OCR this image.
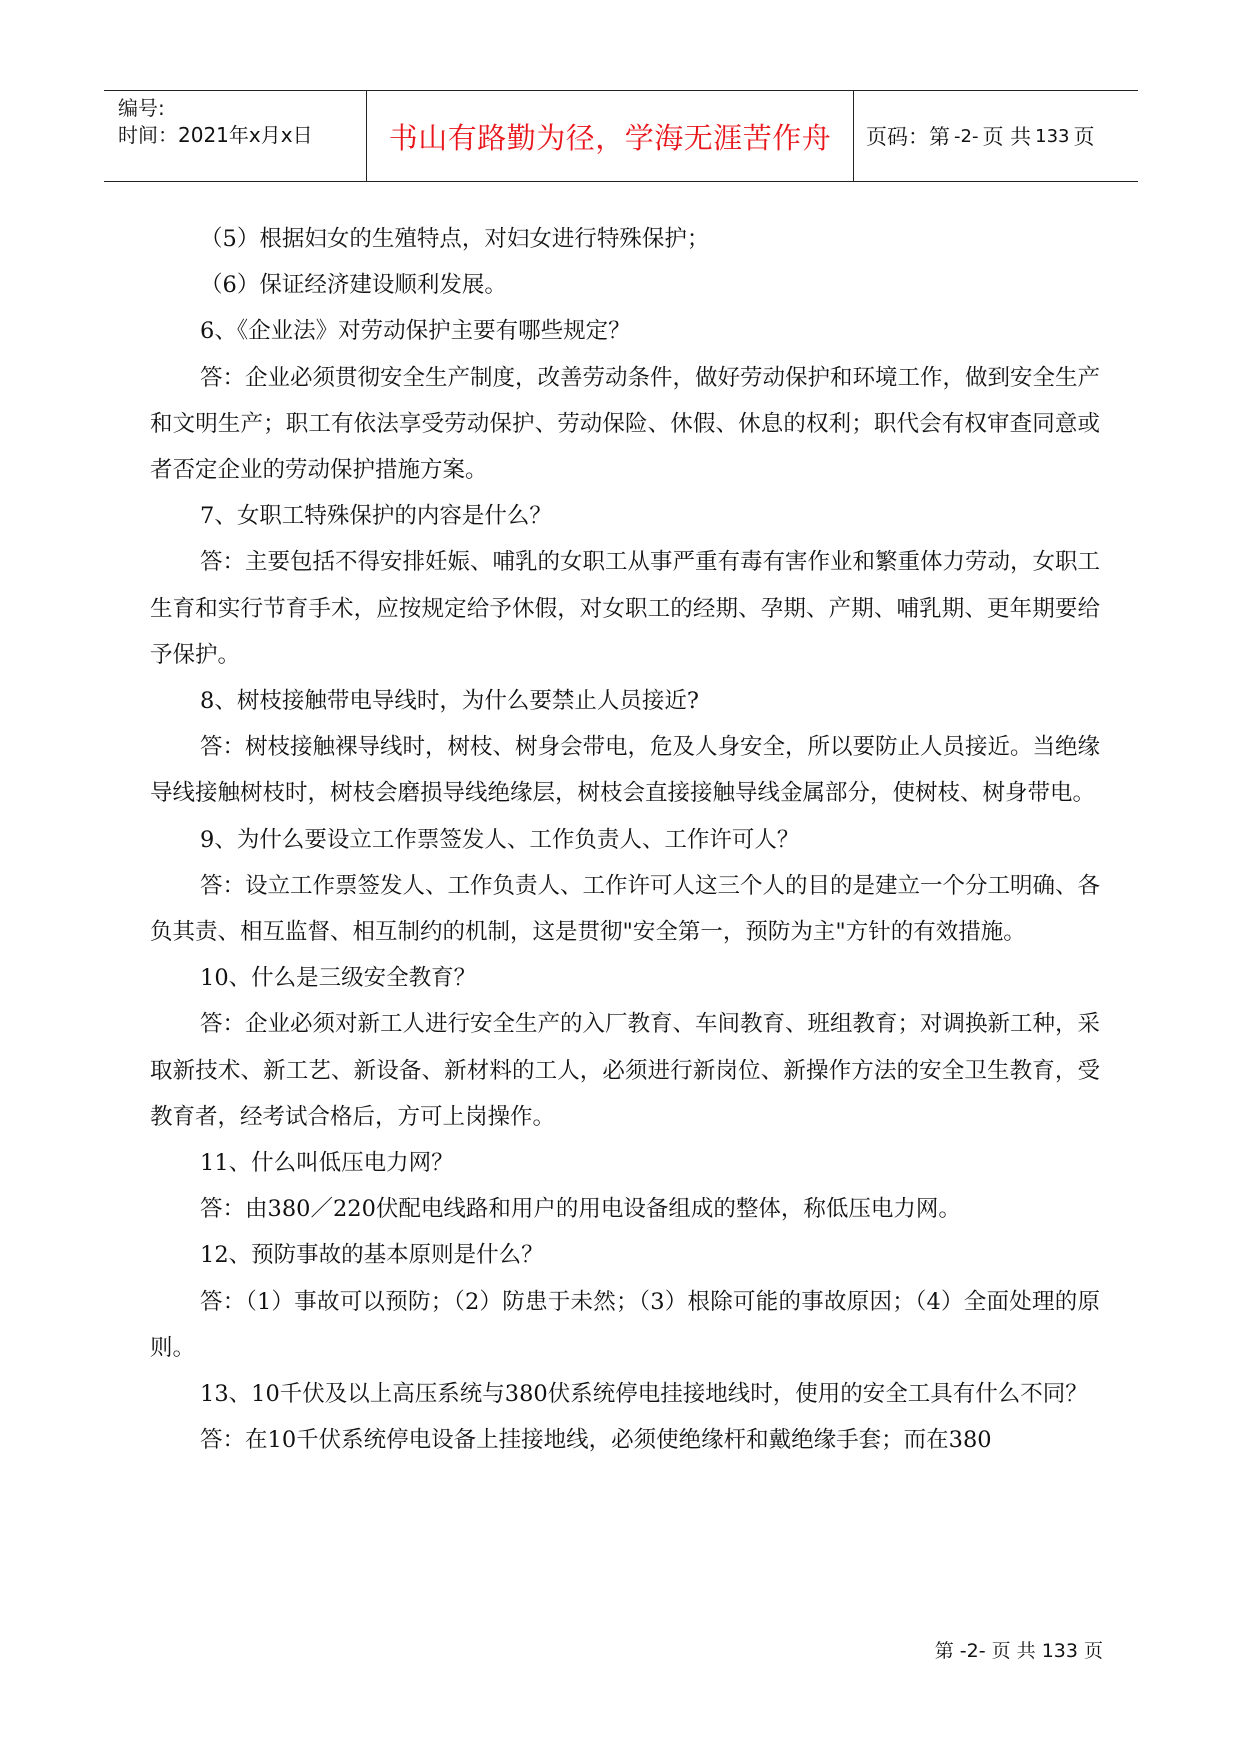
编号:
时间：2021年x月x日	书山有路勤为径，学海无涯苦作舟 页码：第 -2- 页 共 133 页

（5）根据妇女的生殖特点，对妇女进行特殊保护；

（6）保证经济建设顺利发展。

6、《企业法》对劳动保护主要有哪些规定？

答：企业必须贯彻安全生产制度，改善劳动条件，做好劳动保护和环境工作，做到安全生产和文明生产；职工有依法享受劳动保护、劳动保险、休假、休息的权利；职代会有权审查同意或者否定企业的劳动保护措施方案。

7、女职工特殊保护的内容是什么？

答：主要包括不得安排妊娠、哺乳的女职工从事严重有毒有害作业和繁重体力劳动，女职工生育和实行节育手术，应按规定给予休假，对女职工的经期、孕期、产期、哺乳期、更年期要给予保护。

8、树枝接触带电导线时，为什么要禁止人员接近?

答：树枝接触裸导线时，树枝、树身会带电，危及人身安全，所以要防止人员接近。当绝缘导线接触树枝时，树枝会磨损导线绝缘层，树枝会直接接触导线金属部分，使树枝、树身带电。

9、为什么要设立工作票签发人、工作负责人、工作许可人？

答：设立工作票签发人、工作负责人、工作许可人这三个人的目的是建立一个分工明确、各负其责、相互监督、相互制约的机制，这是贯彻"安全第一，预防为主"方针的有效措施。

10、什么是三级安全教育？

答：企业必须对新工人进行安全生产的入厂教育、车间教育、班组教育；对调换新工种，采取新技术、新工艺、新设备、新材料的工人，必须进行新岗位、新操作方法的安全卫生教育，受教育者，经考试合格后，方可上岗操作。

11、什么叫低压电力网？

答：由380／220伏配电线路和用户的用电设备组成的整体，称低压电力网。

12、预防事故的基本原则是什么？

答：（1）事故可以预防；（2）防患于未然；（3）根除可能的事故原因；（4）全面处理的原则。

13、10千伏及以上高压系统与380伏系统停电挂接地线时，使用的安全工具有什么不同？

答：在10千伏系统停电设备上挂接地线，必须使绝缘杆和戴绝缘手套；而在380

第 -2- 页 共 133 页
